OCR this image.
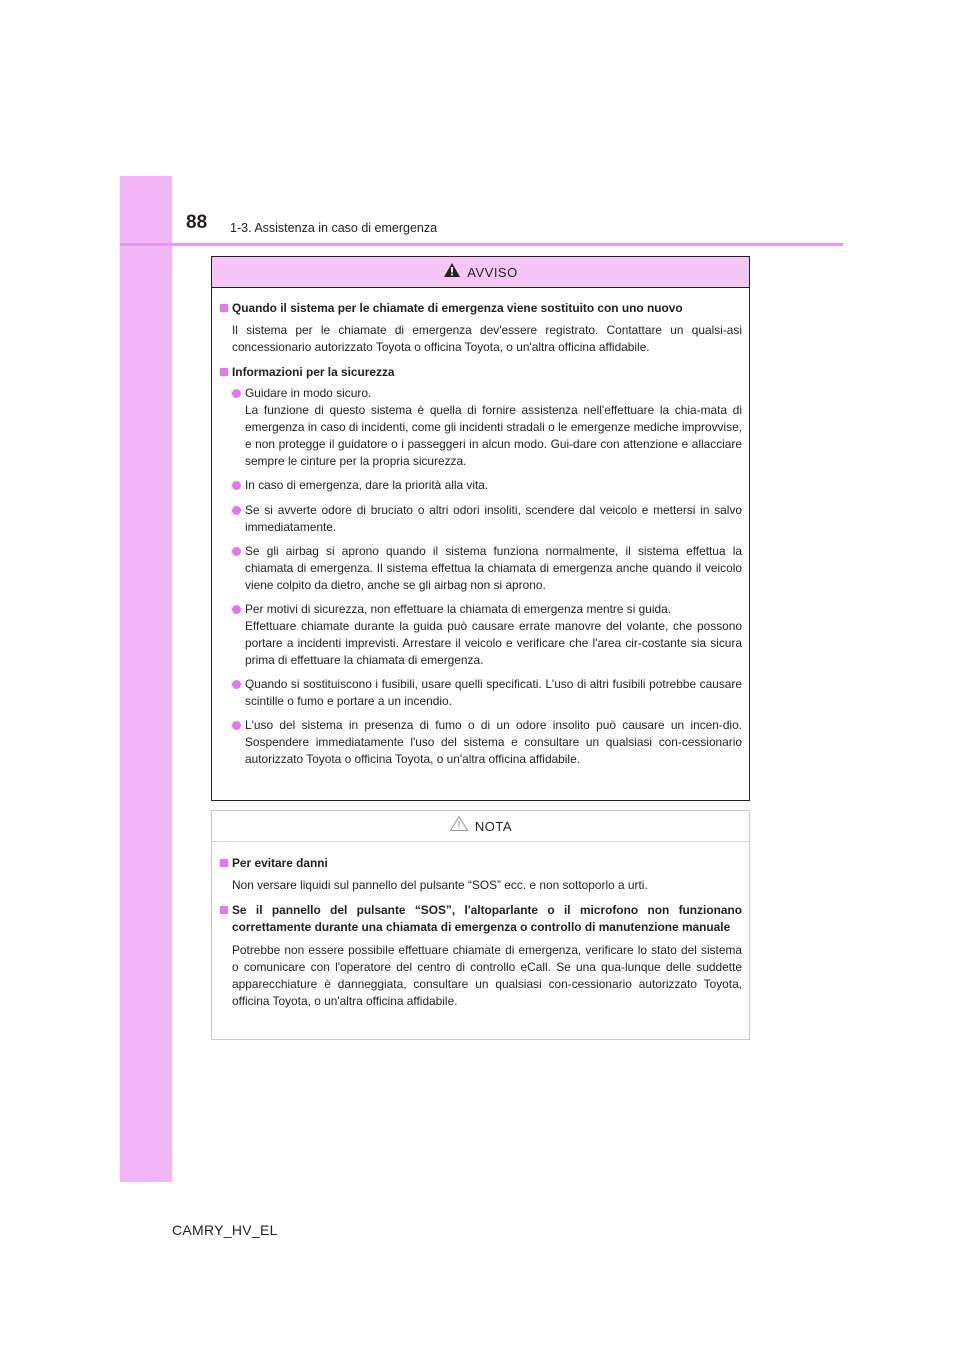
88 1-3. Assistenza in caso di emergenza
AVVISO
Quando il sistema per le chiamate di emergenza viene sostituito con uno nuovo
Il sistema per le chiamate di emergenza dev'essere registrato. Contattare un qualsi-asi concessionario autorizzato Toyota o officina Toyota, o un'altra officina affidabile.
Informazioni per la sicurezza
Guidare in modo sicuro.
La funzione di questo sistema è quella di fornire assistenza nell'effettuare la chia-mata di emergenza in caso di incidenti, come gli incidenti stradali o le emergenze mediche improvvise, e non protegge il guidatore o i passeggeri in alcun modo. Gui-dare con attenzione e allacciare sempre le cinture per la propria sicurezza.
In caso di emergenza, dare la priorità alla vita.
Se si avverte odore di bruciato o altri odori insoliti, scendere dal veicolo e mettersi in salvo immediatamente.
Se gli airbag si aprono quando il sistema funziona normalmente, il sistema effettua la chiamata di emergenza. Il sistema effettua la chiamata di emergenza anche quando il veicolo viene colpito da dietro, anche se gli airbag non si aprono.
Per motivi di sicurezza, non effettuare la chiamata di emergenza mentre si guida.
Effettuare chiamate durante la guida può causare errate manovre del volante, che possono portare a incidenti imprevisti. Arrestare il veicolo e verificare che l'area cir-costante sia sicura prima di effettuare la chiamata di emergenza.
Quando si sostituiscono i fusibili, usare quelli specificati. L'uso di altri fusibili potrebbe causare scintille o fumo e portare a un incendio.
L'uso del sistema in presenza di fumo o di un odore insolito può causare un incen-dio. Sospendere immediatamente l'uso del sistema e consultare un qualsiasi con-cessionario autorizzato Toyota o officina Toyota, o un'altra officina affidabile.
NOTA
Per evitare danni
Non versare liquidi sul pannello del pulsante “SOS” ecc. e non sottoporlo a urti.
Se il pannello del pulsante “SOS”, l'altoparlante o il microfono non funzionano correttamente durante una chiamata di emergenza o controllo di manutenzione manuale
Potrebbe non essere possibile effettuare chiamate di emergenza, verificare lo stato del sistema o comunicare con l'operatore del centro di controllo eCall. Se una qua-lunque delle suddette apparecchiature è danneggiata, consultare un qualsiasi con-cessionario autorizzato Toyota, officina Toyota, o un'altra officina affidabile.
CAMRY_HV_EL
